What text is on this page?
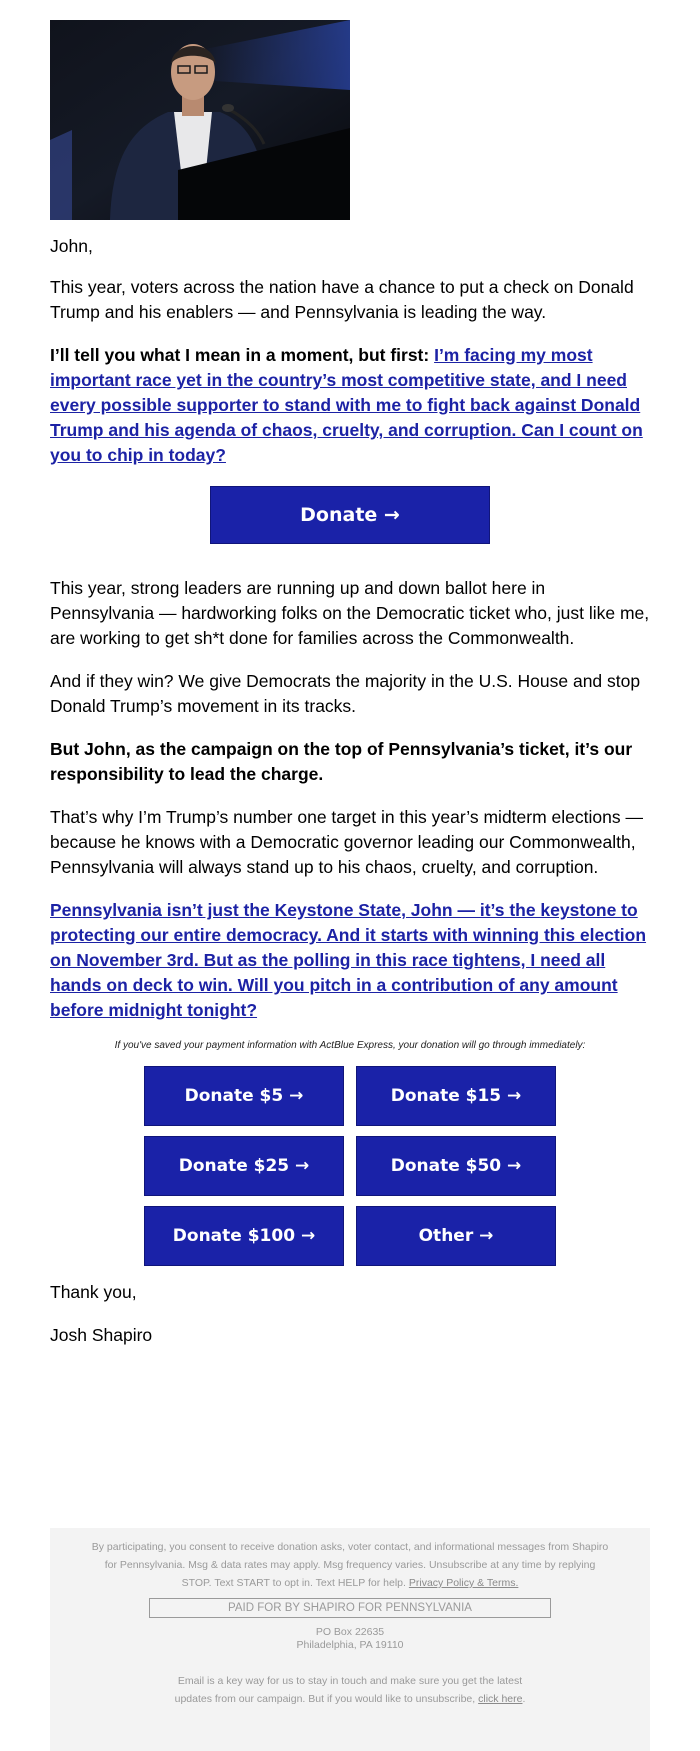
John,

This year, voters across the nation have a chance to put a check on Donald Trump and his enablers — and Pennsylvania is leading the way.

I’ll tell you what I mean in a moment, but first: I’m facing my most important race yet in the country’s most competitive state, and I need every possible supporter to stand with me to fight back against Donald Trump and his agenda of chaos, cruelty, and corruption. Can I count on you to chip in today?

Donate →

This year, strong leaders are running up and down ballot here in Pennsylvania — hardworking folks on the Democratic ticket who, just like me, are working to get sh*t done for families across the Commonwealth.

And if they win? We give Democrats the majority in the U.S. House and stop Donald Trump’s movement in its tracks.

But John, as the campaign on the top of Pennsylvania’s ticket, it’s our responsibility to lead the charge.

That’s why I’m Trump’s number one target in this year’s midterm elections — because he knows with a Democratic governor leading our Commonwealth, Pennsylvania will always stand up to his chaos, cruelty, and corruption.

Pennsylvania isn’t just the Keystone State, John — it’s the keystone to protecting our entire democracy. And it starts with winning this election on November 3rd. But as the polling in this race tightens, I need all hands on deck to win. Will you pitch in a contribution of any amount before midnight tonight?

If you've saved your payment information with ActBlue Express, your donation will go through immediately:

Donate $5 →	Donate $15 →
Donate $25 →	Donate $50 →
Donate $100 →	Other →

Thank you,

Josh Shapiro

By participating, you consent to receive donation asks, voter contact, and informational messages from Shapiro for Pennsylvania. Msg & data rates may apply. Msg frequency varies. Unsubscribe at any time by replying STOP. Text START to opt in. Text HELP for help. Privacy Policy & Terms.
PAID FOR BY SHAPIRO FOR PENNSYLVANIA
PO Box 22635
Philadelphia, PA 19110
Email is a key way for us to stay in touch and make sure you get the latest updates from our campaign. But if you would like to unsubscribe, click here.
